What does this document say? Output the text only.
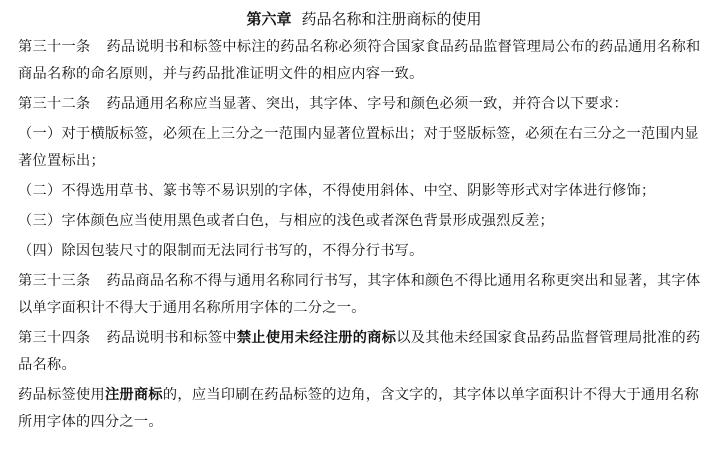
第六章 药品名称和注册商标的使用

第三十一条 药品说明书和标签中标注的药品名称必须符合国家食品药品监督管理局公布的药品通用名称和商品名称的命名原则，并与药品批准证明文件的相应内容一致。

第三十二条 药品通用名称应当显著、突出，其字体、字号和颜色必须一致，并符合以下要求：

（一）对于横版标签，必须在上三分之一范围内显著位置标出；对于竖版标签，必须在右三分之一范围内显著位置标出；

（二）不得选用草书、篆书等不易识别的字体，不得使用斜体、中空、阴影等形式对字体进行修饰；

（三）字体颜色应当使用黑色或者白色，与相应的浅色或者深色背景形成强烈反差；

（四）除因包装尺寸的限制而无法同行书写的，不得分行书写。

第三十三条 药品商品名称不得与通用名称同行书写，其字体和颜色不得比通用名称更突出和显著，其字体以单字面积计不得大于通用名称所用字体的二分之一。

第三十四条 药品说明书和标签中禁止使用未经注册的商标以及其他未经国家食品药品监督管理局批准的药品名称。

药品标签使用注册商标的，应当印刷在药品标签的边角，含文字的，其字体以单字面积计不得大于通用名称所用字体的四分之一。
